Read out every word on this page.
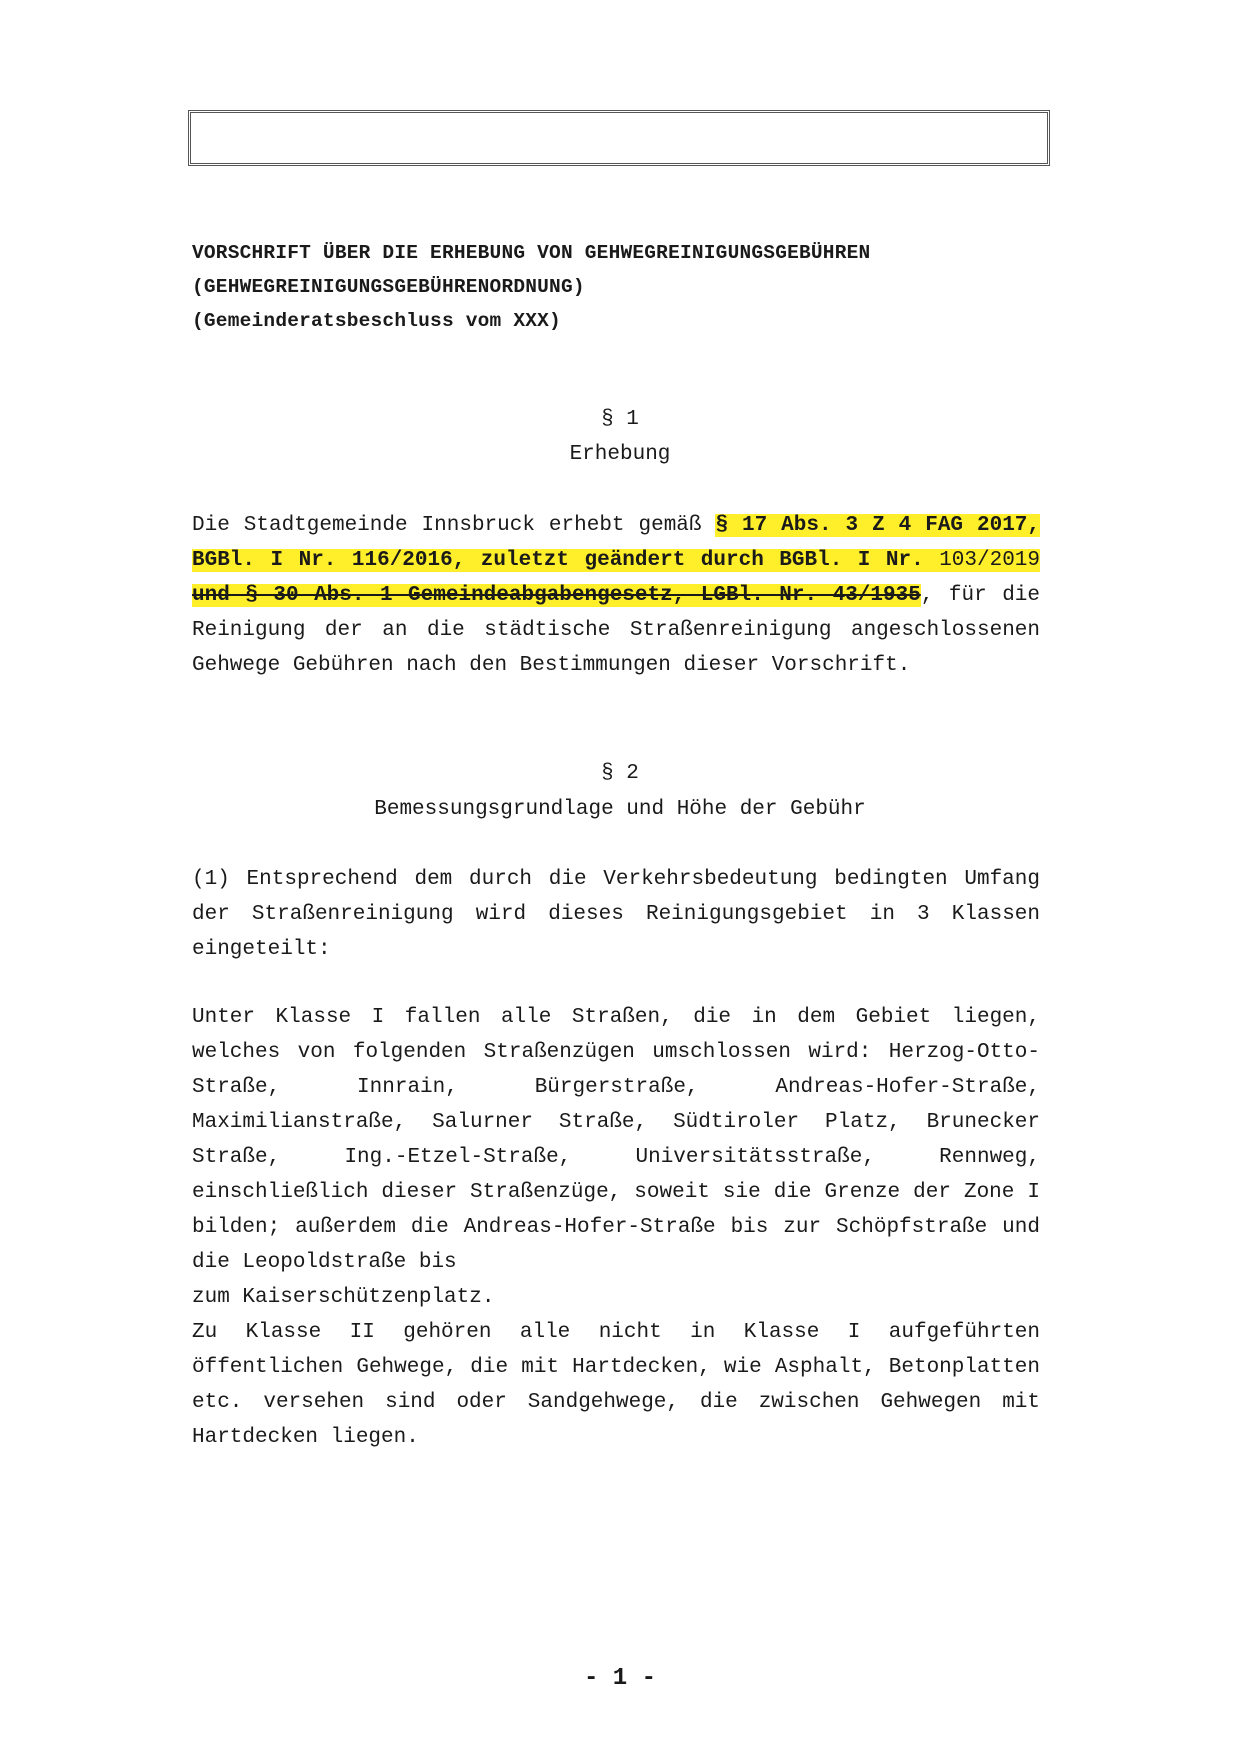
VORSCHRIFT ÜBER DIE ERHEBUNG VON GEHWEGREINIGUNGSGEBÜHREN
(GEHWEGREINIGUNGSGEBÜHRENORDNUNG)
(Gemeinderatsbeschluss vom XXX)
§ 1
Erhebung

Die Stadtgemeinde Innsbruck erhebt gemäß § 17 Abs. 3 Z 4 FAG 2017, BGBl. I Nr. 116/2016, zuletzt geändert durch BGBl. I Nr. 103/2019 und § 30 Abs. 1 Gemeindeabgabengesetz, LGBl. Nr. 43/1935, für die Reinigung der an die städtische Straßenreinigung angeschlossenen Gehwege Gebühren nach den Bestimmungen dieser Vorschrift.

§ 2
Bemessungsgrundlage und Höhe der Gebühr

(1) Entsprechend dem durch die Verkehrsbedeutung bedingten Umfang der Straßenreinigung wird dieses Reinigungsgebiet in 3 Klassen eingeteilt:

Unter Klasse I fallen alle Straßen, die in dem Gebiet liegen, welches von folgenden Straßenzügen umschlossen wird: Herzog-Otto-Straße, Innrain, Bürgerstraße, Andreas-Hofer-Straße, Maximilianstraße, Salurner Straße, Südtiroler Platz, Brunecker Straße, Ing.-Etzel-Straße, Universitätsstraße, Rennweg, einschließlich dieser Straßenzüge, soweit sie die Grenze der Zone I bilden; außerdem die Andreas-Hofer-Straße bis zur Schöpfstraße und die Leopoldstraße bis

zum Kaiserschützenplatz.

Zu Klasse II gehören alle nicht in Klasse I aufgeführten öffentlichen Gehwege, die mit Hartdecken, wie Asphalt, Betonplatten etc. versehen sind oder Sandgehwege, die zwischen Gehwegen mit Hartdecken liegen.

- 1 -
